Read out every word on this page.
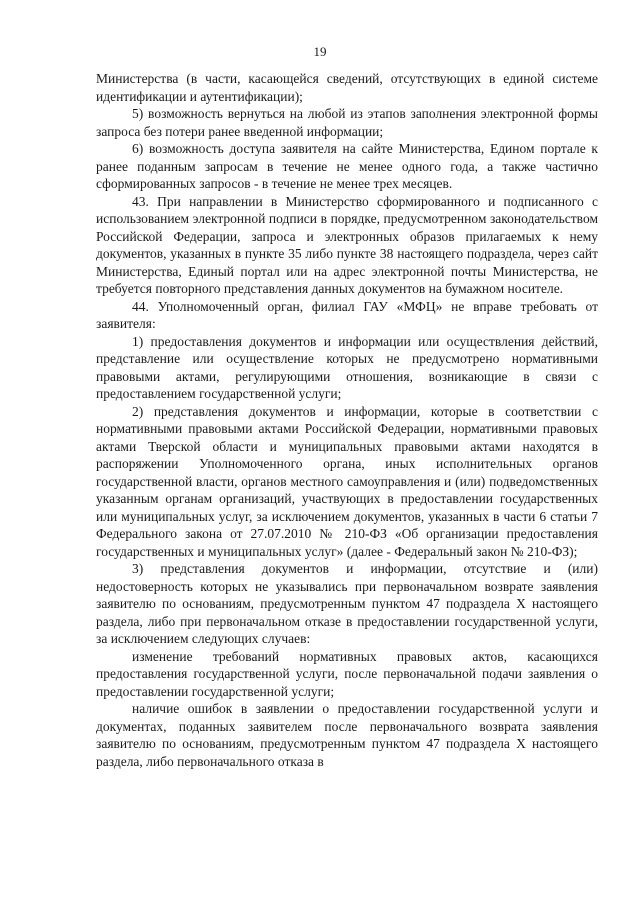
19

Министерства (в части, касающейся сведений, отсутствующих в единой системе идентификации и аутентификации);

5) возможность вернуться на любой из этапов заполнения электронной формы запроса без потери ранее введенной информации;

6) возможность доступа заявителя на сайте Министерства, Едином портале к ранее поданным запросам в течение не менее одного года, а также частично сформированных запросов - в течение не менее трех месяцев.

43. При направлении в Министерство сформированного и подписанного с использованием электронной подписи в порядке, предусмотренном законодательством Российской Федерации, запроса и электронных образов прилагаемых к нему документов, указанных в пункте 35 либо пункте 38 настоящего подраздела, через сайт Министерства, Единый портал или на адрес электронной почты Министерства, не требуется повторного представления данных документов на бумажном носителе.

44. Уполномоченный орган, филиал ГАУ «МФЦ» не вправе требовать от заявителя:

1) предоставления документов и информации или осуществления действий, представление или осуществление которых не предусмотрено нормативными правовыми актами, регулирующими отношения, возникающие в связи с предоставлением государственной услуги;

2) представления документов и информации, которые в соответствии с нормативными правовыми актами Российской Федерации, нормативными правовых актами Тверской области и муниципальных правовыми актами находятся в распоряжении Уполномоченного органа, иных исполнительных органов государственной власти, органов местного самоуправления и (или) подведомственных указанным органам организаций, участвующих в предоставлении государственных или муниципальных услуг, за исключением документов, указанных в части 6 статьи 7 Федерального закона от 27.07.2010 № 210-ФЗ «Об организации предоставления государственных и муниципальных услуг» (далее - Федеральный закон № 210-ФЗ);

3) представления документов и информации, отсутствие и (или) недостоверность которых не указывались при первоначальном возврате заявления заявителю по основаниям, предусмотренным пунктом 47 подраздела X настоящего раздела, либо при первоначальном отказе в предоставлении государственной услуги, за исключением следующих случаев:

изменение требований нормативных правовых актов, касающихся предоставления государственной услуги, после первоначальной подачи заявления о предоставлении государственной услуги;

наличие ошибок в заявлении о предоставлении государственной услуги и документах, поданных заявителем после первоначального возврата заявления заявителю по основаниям, предусмотренным пунктом 47 подраздела X настоящего раздела, либо первоначального отказа в
